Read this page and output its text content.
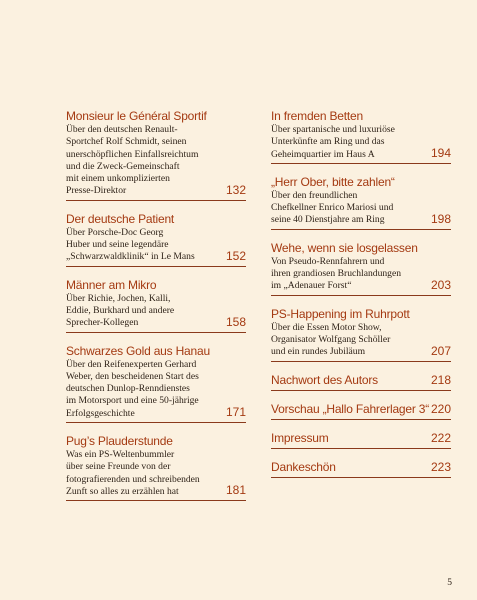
Monsieur le Général Sportif
Über den deutschen Renault-
Sportchef Rolf Schmidt, seinen
unerschöpflichen Einfallsreichtum
und die Zweck-Gemeinschaft
mit einem unkomplizierten
Presse-Direktor	132
Der deutsche Patient
Über Porsche-Doc Georg
Huber und seine legendäre
„Schwarzwaldklinik“ in Le Mans	152
Männer am Mikro
Über Richie, Jochen, Kalli,
Eddie, Burkhard und andere
Sprecher-Kollegen	158
Schwarzes Gold aus Hanau
Über den Reifenexperten Gerhard
Weber, den bescheidenen Start des
deutschen Dunlop-Renndienstes
im Motorsport und eine 50-jährige
Erfolgsgeschichte	171
Pug’s Plauderstunde
Was ein PS-Weltenbummler
über seine Freunde von der
fotografierenden und schreibenden
Zunft so alles zu erzählen hat	181
In fremden Betten
Über spartanische und luxuriöse
Unterkünfte am Ring und das
Geheimquartier im Haus A	194
„Herr Ober, bitte zahlen“
Über den freundlichen
Chefkellner Enrico Mariosi und
seine 40 Dienstjahre am Ring	198
Wehe, wenn sie losgelassen
Von Pseudo-Rennfahrern und
ihren grandiosen Bruchlandungen
im „Adenauer Forst“	203
PS-Happening im Ruhrpott
Über die Essen Motor Show,
Organisator Wolfgang Schöller
und ein rundes Jubiläum	207
Nachwort des Autors	218
Vorschau „Hallo Fahrerlager 3“ 220
Impressum	222
Dankeschön	223
5
